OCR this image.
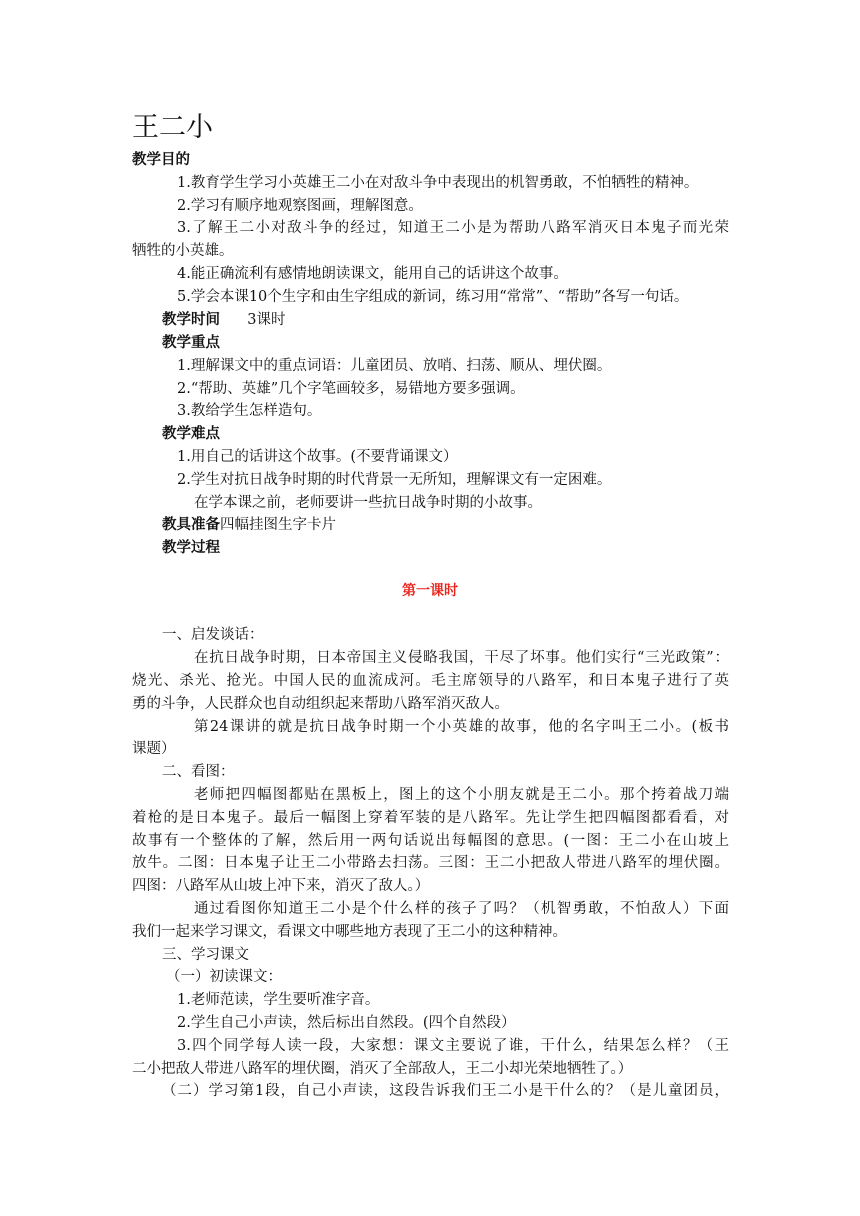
王二小
教学目的
1.教育学生学习小英雄王二小在对敌斗争中表现出的机智勇敢，不怕牺牲的精神。
2.学习有顺序地观察图画，理解图意。
3.了解王二小对敌斗争的经过，知道王二小是为帮助八路军消灭日本鬼子而光荣
牺牲的小英雄。
4.能正确流利有感情地朗读课文，能用自己的话讲这个故事。
5.学会本课10个生字和由生字组成的新词，练习用“常常”、“帮助”各写一句话。
教学时间 3课时
教学重点
1.理解课文中的重点词语：儿童团员、放哨、扫荡、顺从、埋伏圈。
2.“帮助、英雄”几个字笔画较多，易错地方要多强调。
3.教给学生怎样造句。
教学难点
1.用自己的话讲这个故事。(不要背诵课文）
2.学生对抗日战争时期的时代背景一无所知，理解课文有一定困难。
在学本课之前，老师要讲一些抗日战争时期的小故事。
教具准备四幅挂图生字卡片
教学过程
第一课时
一、启发谈话：
在抗日战争时期，日本帝国主义侵略我国，干尽了坏事。他们实行“三光政策”：
烧光、杀光、抢光。中国人民的血流成河。毛主席领导的八路军，和日本鬼子进行了英
勇的斗争，人民群众也自动组织起来帮助八路军消灭敌人。
第24课讲的就是抗日战争时期一个小英雄的故事，他的名字叫王二小。(板书
课题）
二、看图：
老师把四幅图都贴在黑板上，图上的这个小朋友就是王二小。那个挎着战刀端
着枪的是日本鬼子。最后一幅图上穿着军装的是八路军。先让学生把四幅图都看看，对
故事有一个整体的了解，然后用一两句话说出每幅图的意思。(一图：王二小在山坡上
放牛。二图：日本鬼子让王二小带路去扫荡。三图：王二小把敌人带进八路军的埋伏圈。
四图：八路军从山坡上冲下来，消灭了敌人。）
通过看图你知道王二小是个什么样的孩子了吗？（机智勇敢，不怕敌人）下面
我们一起来学习课文，看课文中哪些地方表现了王二小的这种精神。
三、学习课文
（一）初读课文：
1.老师范读，学生要听准字音。
2.学生自己小声读，然后标出自然段。(四个自然段）
3.四个同学每人读一段，大家想：课文主要说了谁，干什么，结果怎么样？（王
二小把敌人带进八路军的埋伏圈，消灭了全部敌人，王二小却光荣地牺牲了。）
（二）学习第1段，自己小声读，这段告诉我们王二小是干什么的？（是儿童团员，
